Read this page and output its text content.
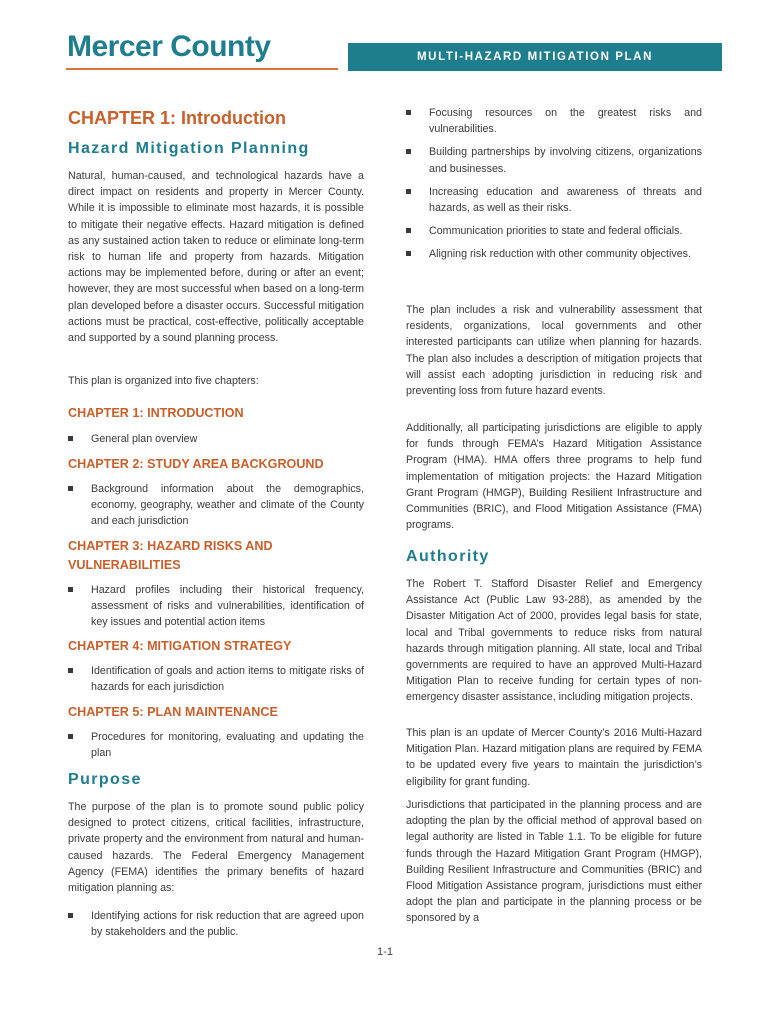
Mercer County	MULTI-HAZARD MITIGATION PLAN
CHAPTER 1: Introduction
Hazard Mitigation Planning

Natural, human-caused, and technological hazards have a direct impact on residents and property in Mercer County. While it is impossible to eliminate most hazards, it is possible to mitigate their negative effects. Hazard mitigation is defined as any sustained action taken to reduce or eliminate long-term risk to human life and property from hazards. Mitigation actions may be implemented before, during or after an event; however, they are most successful when based on a long-term plan developed before a disaster occurs. Successful mitigation actions must be practical, cost-effective, politically acceptable and supported by a sound planning process.

This plan is organized into five chapters:

CHAPTER 1: INTRODUCTION
General plan overview
CHAPTER 2: STUDY AREA BACKGROUND
Background information about the demographics, economy, geography, weather and climate of the County and each jurisdiction
CHAPTER 3: HAZARD RISKS AND VULNERABILITIES
Hazard profiles including their historical frequency, assessment of risks and vulnerabilities, identification of key issues and potential action items
CHAPTER 4: MITIGATION STRATEGY
Identification of goals and action items to mitigate risks of hazards for each jurisdiction
CHAPTER 5: PLAN MAINTENANCE
Procedures for monitoring, evaluating and updating the plan
Purpose

The purpose of the plan is to promote sound public policy designed to protect citizens, critical facilities, infrastructure, private property and the environment from natural and human-caused hazards. The Federal Emergency Management Agency (FEMA) identifies the primary benefits of hazard mitigation planning as:

Identifying actions for risk reduction that are agreed upon by stakeholders and the public.
Focusing resources on the greatest risks and vulnerabilities.
Building partnerships by involving citizens, organizations and businesses.
Increasing education and awareness of threats and hazards, as well as their risks.
Communication priorities to state and federal officials.
Aligning risk reduction with other community objectives.

The plan includes a risk and vulnerability assessment that residents, organizations, local governments and other interested participants can utilize when planning for hazards. The plan also includes a description of mitigation projects that will assist each adopting jurisdiction in reducing risk and preventing loss from future hazard events.

Additionally, all participating jurisdictions are eligible to apply for funds through FEMA’s Hazard Mitigation Assistance Program (HMA). HMA offers three programs to help fund implementation of mitigation projects: the Hazard Mitigation Grant Program (HMGP), Building Resilient Infrastructure and Communities (BRIC), and Flood Mitigation Assistance (FMA) programs.

Authority

The Robert T. Stafford Disaster Relief and Emergency Assistance Act (Public Law 93-288), as amended by the Disaster Mitigation Act of 2000, provides legal basis for state, local and Tribal governments to reduce risks from natural hazards through mitigation planning. All state, local and Tribal governments are required to have an approved Multi-Hazard Mitigation Plan to receive funding for certain types of non-emergency disaster assistance, including mitigation projects.

This plan is an update of Mercer County’s 2016 Multi-Hazard Mitigation Plan. Hazard mitigation plans are required by FEMA to be updated every five years to maintain the jurisdiction’s eligibility for grant funding.

Jurisdictions that participated in the planning process and are adopting the plan by the official method of approval based on legal authority are listed in Table 1.1. To be eligible for future funds through the Hazard Mitigation Grant Program (HMGP), Building Resilient Infrastructure and Communities (BRIC) and Flood Mitigation Assistance program, jurisdictions must either adopt the plan and participate in the planning process or be sponsored by a

1-1
